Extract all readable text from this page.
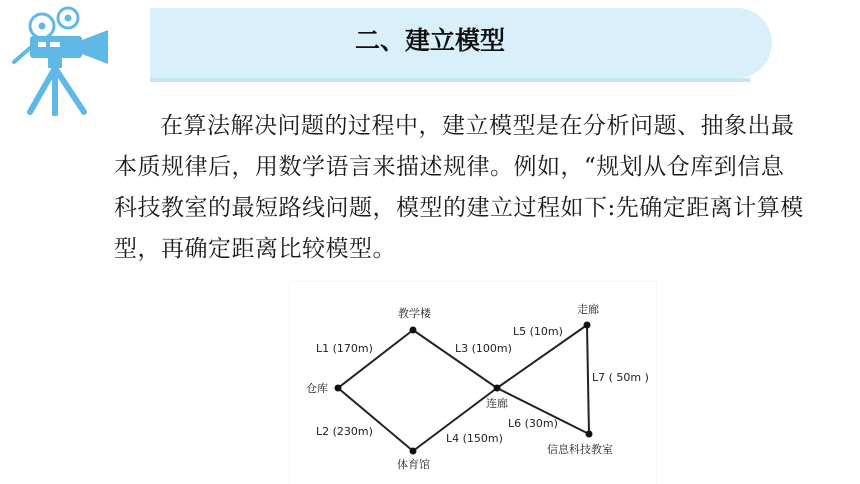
二、建立模型

在算法解决问题的过程中，建立模型是在分析问题、抽象出最本质规律后，用数学语言来描述规律。例如，“规划从仓库到信息科技教室的最短路线问题，模型的建立过程如下:先确定距离计算模型，再确定距离比较模型。

教学楼
仓库
体育馆
连廊
走廊
信息科技教室
L1 (170m)
L2 (230m)
L3 (100m)
L4 (150m)
L5 (10m)
L6 (30m)
L7 ( 50m )
